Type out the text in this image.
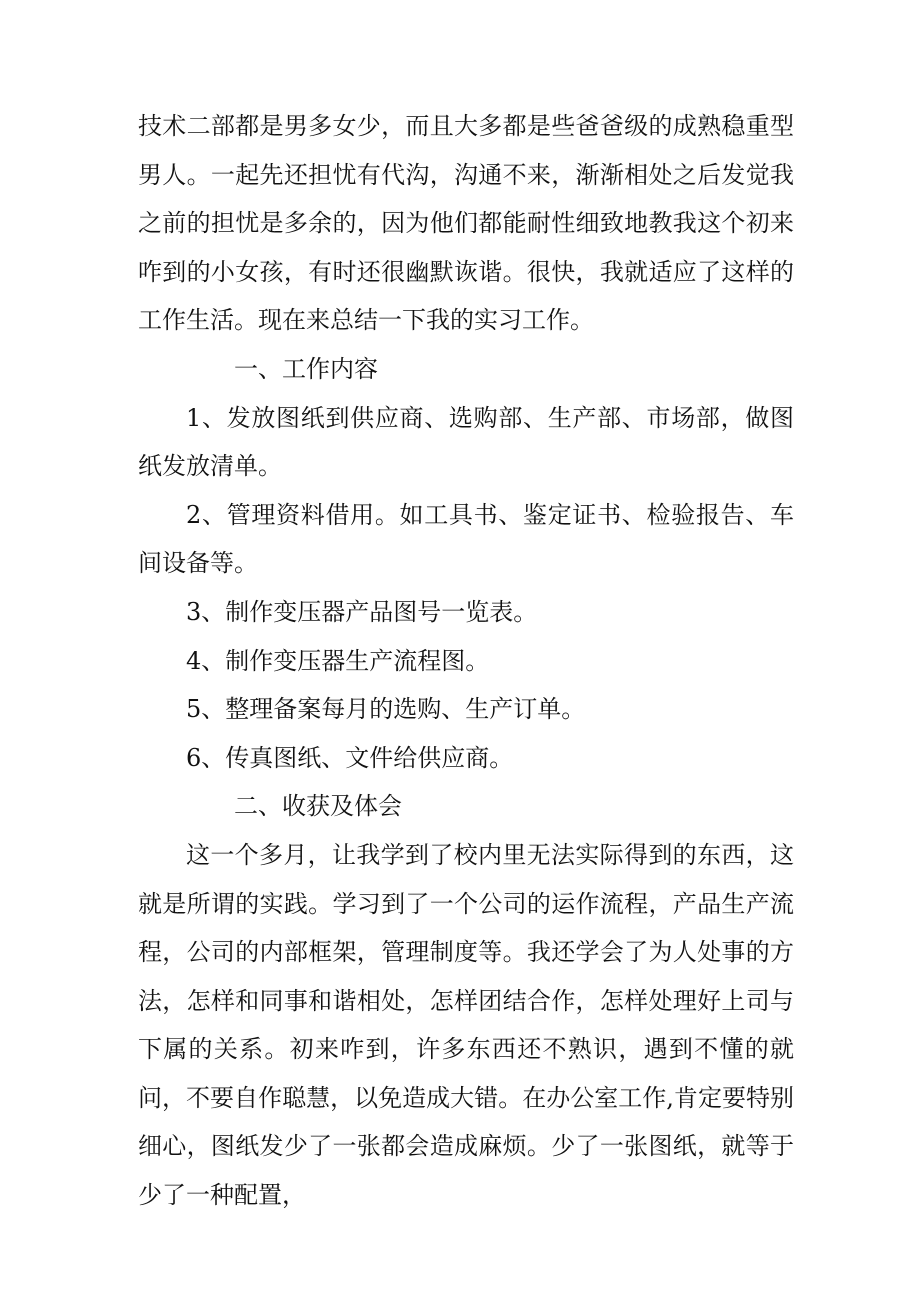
技术二部都是男多女少，而且大多都是些爸爸级的成熟稳重型男人。一起先还担忧有代沟，沟通不来，渐渐相处之后发觉我之前的担忧是多余的，因为他们都能耐性细致地教我这个初来咋到的小女孩，有时还很幽默诙谐。很快，我就适应了这样的工作生活。现在来总结一下我的实习工作。

一、工作内容

1、发放图纸到供应商、选购部、生产部、市场部，做图纸发放清单。

2、管理资料借用。如工具书、鉴定证书、检验报告、车间设备等。

3、制作变压器产品图号一览表。

4、制作变压器生产流程图。

5、整理备案每月的选购、生产订单。

6、传真图纸、文件给供应商。

二、收获及体会

这一个多月，让我学到了校内里无法实际得到的东西，这就是所谓的实践。学习到了一个公司的运作流程，产品生产流程，公司的内部框架，管理制度等。我还学会了为人处事的方法，怎样和同事和谐相处，怎样团结合作，怎样处理好上司与下属的关系。初来咋到，许多东西还不熟识，遇到不懂的就问，不要自作聪慧，以免造成大错。在办公室工作,肯定要特别细心，图纸发少了一张都会造成麻烦。少了一张图纸，就等于少了一种配置，
